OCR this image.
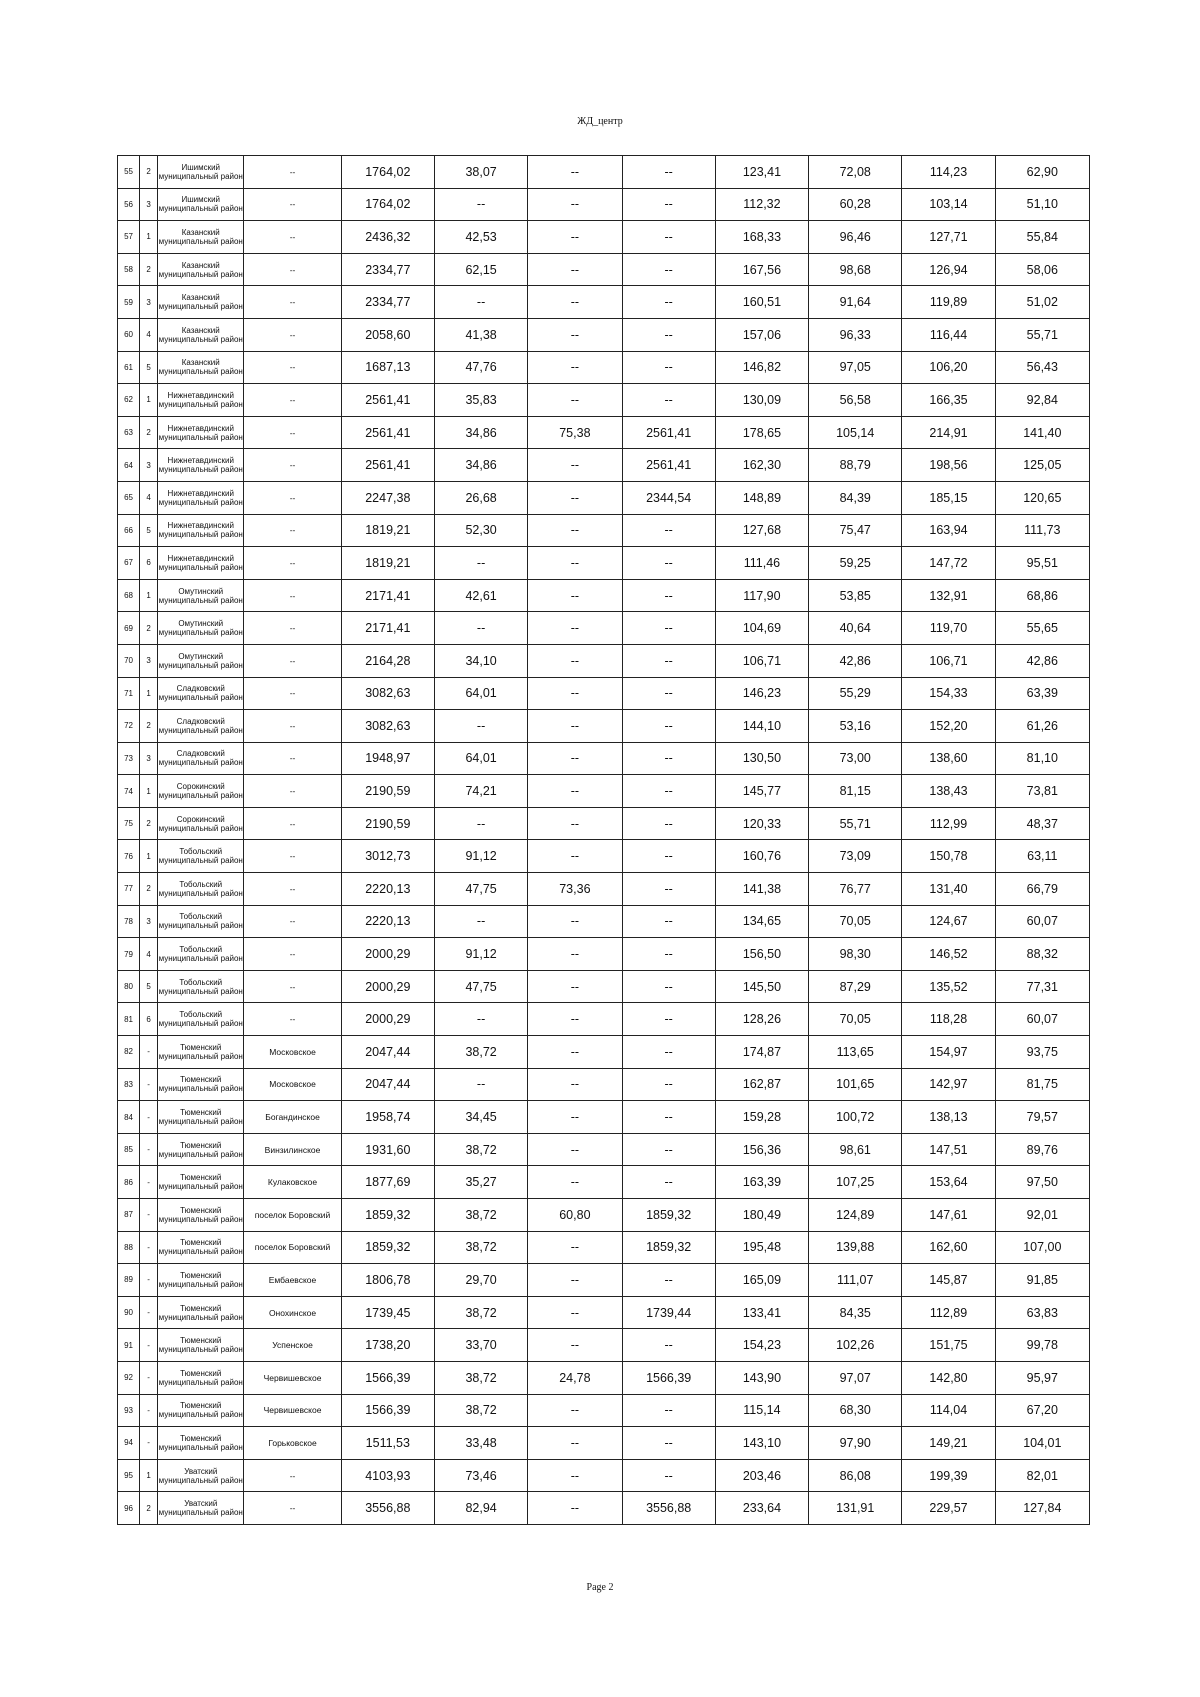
ЖД_центр
55	2	Ишимский муниципальный район	--	1764,02	38,07	--	--	123,41	72,08	114,23	62,90
56	3	Ишимский муниципальный район	--	1764,02	--	--	--	112,32	60,28	103,14	51,10
57	1	Казанский муниципальный район	--	2436,32	42,53	--	--	168,33	96,46	127,71	55,84
58	2	Казанский муниципальный район	--	2334,77	62,15	--	--	167,56	98,68	126,94	58,06
59	3	Казанский муниципальный район	--	2334,77	--	--	--	160,51	91,64	119,89	51,02
60	4	Казанский муниципальный район	--	2058,60	41,38	--	--	157,06	96,33	116,44	55,71
61	5	Казанский муниципальный район	--	1687,13	47,76	--	--	146,82	97,05	106,20	56,43
62	1	Нижнетавдинский муниципальный район	--	2561,41	35,83	--	--	130,09	56,58	166,35	92,84
63	2	Нижнетавдинский муниципальный район	--	2561,41	34,86	75,38	2561,41	178,65	105,14	214,91	141,40
64	3	Нижнетавдинский муниципальный район	--	2561,41	34,86	--	2561,41	162,30	88,79	198,56	125,05
65	4	Нижнетавдинский муниципальный район	--	2247,38	26,68	--	2344,54	148,89	84,39	185,15	120,65
66	5	Нижнетавдинский муниципальный район	--	1819,21	52,30	--	--	127,68	75,47	163,94	111,73
67	6	Нижнетавдинский муниципальный район	--	1819,21	--	--	--	111,46	59,25	147,72	95,51
68	1	Омутинский муниципальный район	--	2171,41	42,61	--	--	117,90	53,85	132,91	68,86
69	2	Омутинский муниципальный район	--	2171,41	--	--	--	104,69	40,64	119,70	55,65
70	3	Омутинский муниципальный район	--	2164,28	34,10	--	--	106,71	42,86	106,71	42,86
71	1	Сладковский муниципальный район	--	3082,63	64,01	--	--	146,23	55,29	154,33	63,39
72	2	Сладковский муниципальный район	--	3082,63	--	--	--	144,10	53,16	152,20	61,26
73	3	Сладковский муниципальный район	--	1948,97	64,01	--	--	130,50	73,00	138,60	81,10
74	1	Сорокинский муниципальный район	--	2190,59	74,21	--	--	145,77	81,15	138,43	73,81
75	2	Сорокинский муниципальный район	--	2190,59	--	--	--	120,33	55,71	112,99	48,37
76	1	Тобольский муниципальный район	--	3012,73	91,12	--	--	160,76	73,09	150,78	63,11
77	2	Тобольский муниципальный район	--	2220,13	47,75	73,36	--	141,38	76,77	131,40	66,79
78	3	Тобольский муниципальный район	--	2220,13	--	--	--	134,65	70,05	124,67	60,07
79	4	Тобольский муниципальный район	--	2000,29	91,12	--	--	156,50	98,30	146,52	88,32
80	5	Тобольский муниципальный район	--	2000,29	47,75	--	--	145,50	87,29	135,52	77,31
81	6	Тобольский муниципальный район	--	2000,29	--	--	--	128,26	70,05	118,28	60,07
82	-	Тюменский муниципальный район	Московское	2047,44	38,72	--	--	174,87	113,65	154,97	93,75
83	-	Тюменский муниципальный район	Московское	2047,44	--	--	--	162,87	101,65	142,97	81,75
84	-	Тюменский муниципальный район	Богандинское	1958,74	34,45	--	--	159,28	100,72	138,13	79,57
85	-	Тюменский муниципальный район	Винзилинское	1931,60	38,72	--	--	156,36	98,61	147,51	89,76
86	-	Тюменский муниципальный район	Кулаковское	1877,69	35,27	--	--	163,39	107,25	153,64	97,50
87	-	Тюменский муниципальный район	поселок Боровский	1859,32	38,72	60,80	1859,32	180,49	124,89	147,61	92,01
88	-	Тюменский муниципальный район	поселок Боровский	1859,32	38,72	--	1859,32	195,48	139,88	162,60	107,00
89	-	Тюменский муниципальный район	Ембаевское	1806,78	29,70	--	--	165,09	111,07	145,87	91,85
90	-	Тюменский муниципальный район	Онохинское	1739,45	38,72	--	1739,44	133,41	84,35	112,89	63,83
91	-	Тюменский муниципальный район	Успенское	1738,20	33,70	--	--	154,23	102,26	151,75	99,78
92	-	Тюменский муниципальный район	Червишевское	1566,39	38,72	24,78	1566,39	143,90	97,07	142,80	95,97
93	-	Тюменский муниципальный район	Червишевское	1566,39	38,72	--	--	115,14	68,30	114,04	67,20
94	-	Тюменский муниципальный район	Горьковское	1511,53	33,48	--	--	143,10	97,90	149,21	104,01
95	1	Уватский муниципальный район	--	4103,93	73,46	--	--	203,46	86,08	199,39	82,01
96	2	Уватский муниципальный район	--	3556,88	82,94	--	3556,88	233,64	131,91	229,57	127,84
Page 2
